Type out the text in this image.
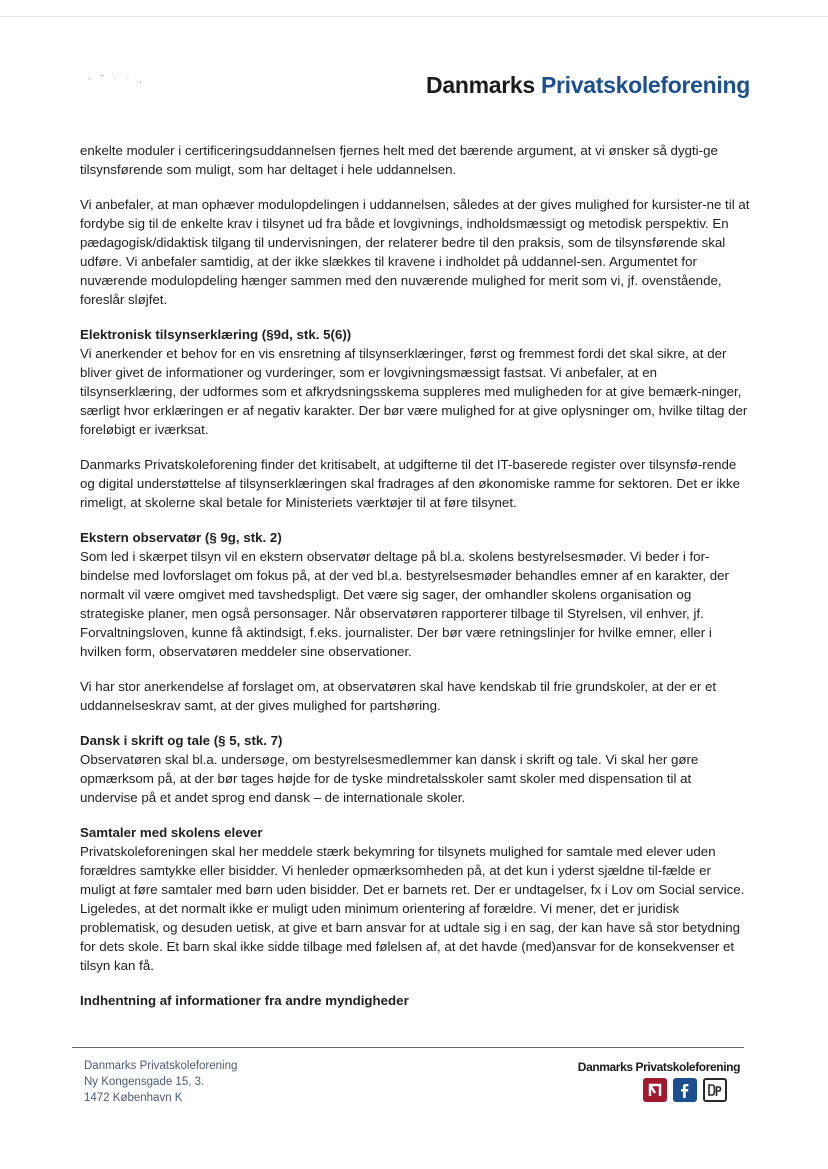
· ˘ · · ˛	Danmarks Privatskoleforening

enkelte moduler i certificeringsuddannelsen fjernes helt med det bærende argument, at vi ønsker så dygti-ge tilsynsførende som muligt, som har deltaget i hele uddannelsen.

Vi anbefaler, at man ophæver modulopdelingen i uddannelsen, således at der gives mulighed for kursister-ne til at fordybe sig til de enkelte krav i tilsynet ud fra både et lovgivnings, indholdsmæssigt og metodisk perspektiv. En pædagogisk/didaktisk tilgang til undervisningen, der relaterer bedre til den praksis, som de tilsynsførende skal udføre. Vi anbefaler samtidig, at der ikke slækkes til kravene i indholdet på uddannel-sen. Argumentet for nuværende modulopdeling hænger sammen med den nuværende mulighed for merit som vi, jf. ovenstående, foreslår sløjfet.

Elektronisk tilsynserklæring (§9d, stk. 5(6))

Vi anerkender et behov for en vis ensretning af tilsynserklæringer, først og fremmest fordi det skal sikre, at der bliver givet de informationer og vurderinger, som er lovgivningsmæssigt fastsat. Vi anbefaler, at en tilsynserklæring, der udformes som et afkrydsningsskema suppleres med muligheden for at give bemærk-ninger, særligt hvor erklæringen er af negativ karakter. Der bør være mulighed for at give oplysninger om, hvilke tiltag der foreløbigt er iværksat.

Danmarks Privatskoleforening finder det kritisabelt, at udgifterne til det IT-baserede register over tilsynsfø-rende og digital understøttelse af tilsynserklæringen skal fradrages af den økonomiske ramme for sektoren. Det er ikke rimeligt, at skolerne skal betale for Ministeriets værktøjer til at føre tilsynet.

Ekstern observatør (§ 9g, stk. 2)

Som led i skærpet tilsyn vil en ekstern observatør deltage på bl.a. skolens bestyrelsesmøder. Vi beder i for-bindelse med lovforslaget om fokus på, at der ved bl.a. bestyrelsesmøder behandles emner af en karakter, der normalt vil være omgivet med tavshedspligt. Det være sig sager, der omhandler skolens organisation og strategiske planer, men også personsager. Når observatøren rapporterer tilbage til Styrelsen, vil enhver, jf. Forvaltningsloven, kunne få aktindsigt, f.eks. journalister. Der bør være retningslinjer for hvilke emner, eller i hvilken form, observatøren meddeler sine observationer.

Vi har stor anerkendelse af forslaget om, at observatøren skal have kendskab til frie grundskoler, at der er et uddannelseskrav samt, at der gives mulighed for partshøring.

Dansk i skrift og tale (§ 5, stk. 7)

Observatøren skal bl.a. undersøge, om bestyrelsesmedlemmer kan dansk i skrift og tale. Vi skal her gøre opmærksom på, at der bør tages højde for de tyske mindretalsskoler samt skoler med dispensation til at undervise på et andet sprog end dansk – de internationale skoler.

Samtaler med skolens elever

Privatskoleforeningen skal her meddele stærk bekymring for tilsynets mulighed for samtale med elever uden forældres samtykke eller bisidder. Vi henleder opmærksomheden på, at det kun i yderst sjældne til-fælde er muligt at føre samtaler med børn uden bisidder. Det er barnets ret. Der er undtagelser, fx i Lov om Social service. Ligeledes, at det normalt ikke er muligt uden minimum orientering af forældre. Vi mener, det er juridisk problematisk, og desuden uetisk, at give et barn ansvar for at udtale sig i en sag, der kan have så stor betydning for dets skole. Et barn skal ikke sidde tilbage med følelsen af, at det havde (med)ansvar for de konsekvenser et tilsyn kan få.

Indhentning af informationer fra andre myndigheder
Danmarks Privatskoleforening
Ny Kongensgade 15, 3.
1472 København K
Danmarks Privatskoleforening
